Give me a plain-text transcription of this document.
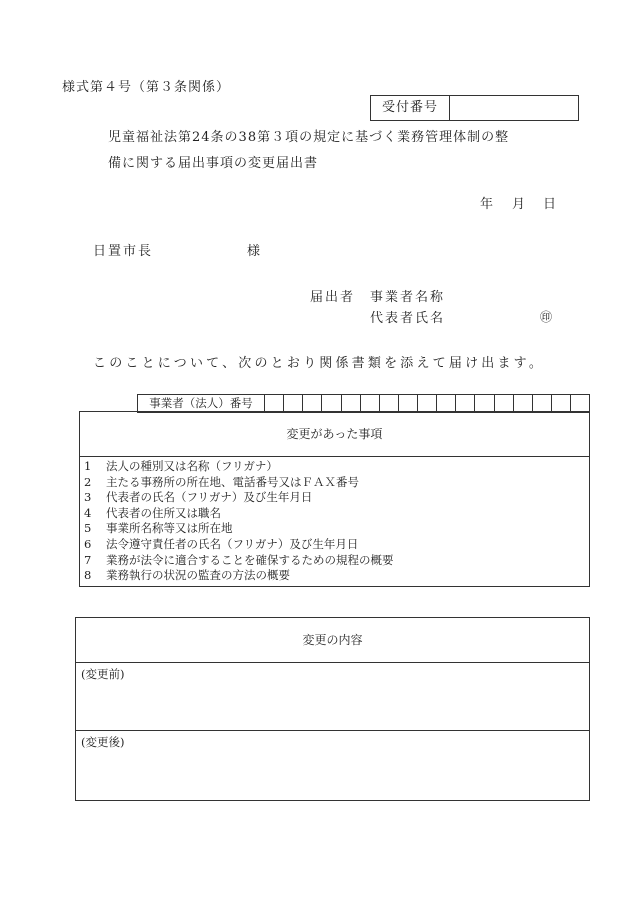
様式第４号（第３条関係）
受付番号
児童福祉法第24条の38第３項の規定に基づく業務管理体制の整
備に関する届出事項の変更届出書
年 月 日
日置市長	様
届出者 事業者名称
代表者氏名	㊞
このことについて、次のとおり関係書類を添えて届け出ます。
事業者（法人）番号
変更があった事項
1	法人の種別又は名称（フリガナ）
2	主たる事務所の所在地、電話番号又はＦＡＸ番号
3	代表者の氏名（フリガナ）及び生年月日
4	代表者の住所又は職名
5	事業所名称等又は所在地
6	法令遵守責任者の氏名（フリガナ）及び生年月日
7	業務が法令に適合することを確保するための規程の概要
8	業務執行の状況の監査の方法の概要
変更の内容
(変更前)
(変更後)
